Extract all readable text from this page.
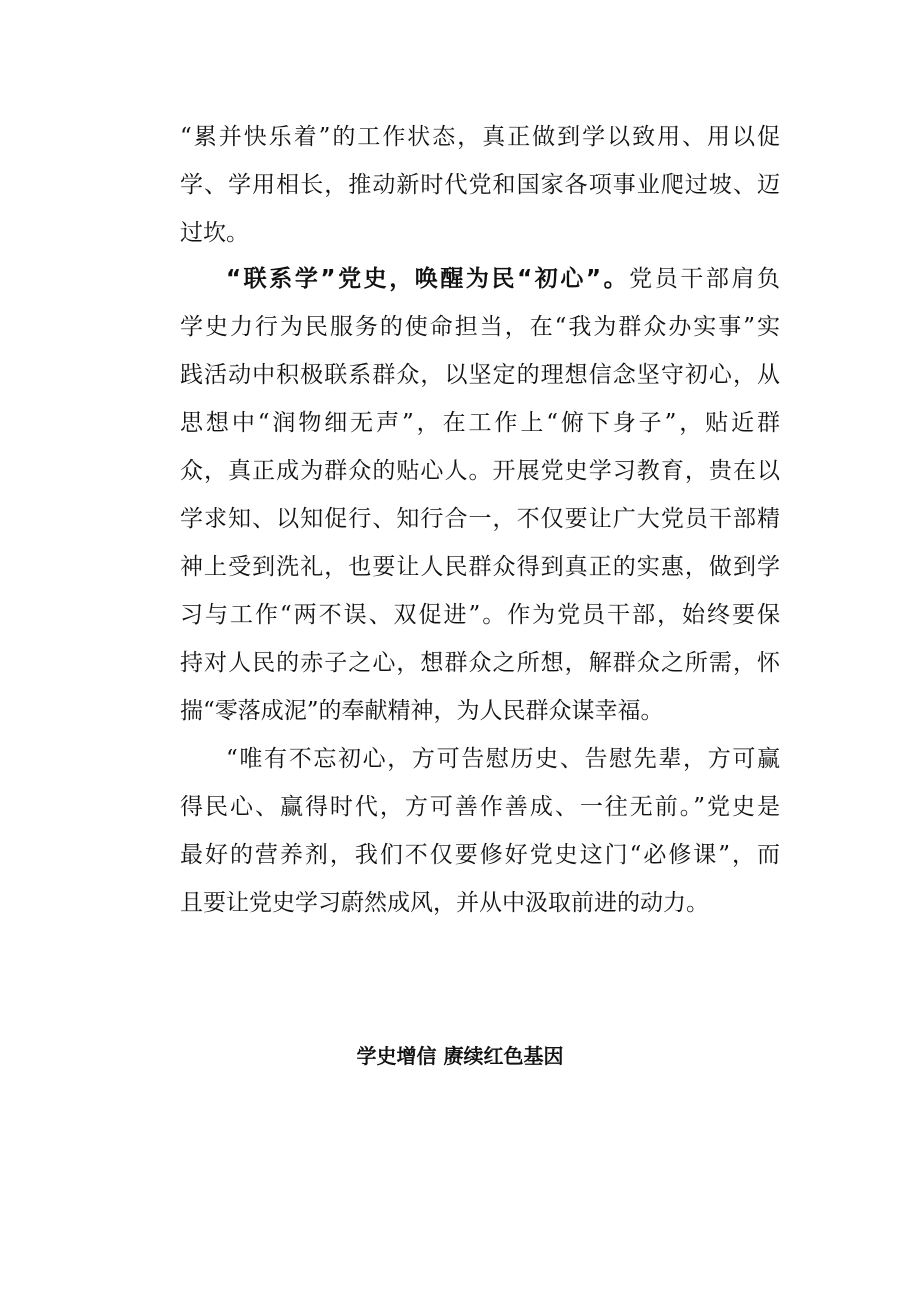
“累并快乐着”的工作状态，真正做到学以致用、用以促
学、学用相长，推动新时代党和国家各项事业爬过坡、迈
过坎。
“联系学”党史，唤醒为民“初心”。党员干部肩负
学史力行为民服务的使命担当，在“我为群众办实事”实
践活动中积极联系群众，以坚定的理想信念坚守初心，从
思想中“润物细无声”，在工作上“俯下身子”，贴近群
众，真正成为群众的贴心人。开展党史学习教育，贵在以
学求知、以知促行、知行合一，不仅要让广大党员干部精
神上受到洗礼，也要让人民群众得到真正的实惠，做到学
习与工作“两不误、双促进”。作为党员干部，始终要保
持对人民的赤子之心，想群众之所想，解群众之所需，怀
揣“零落成泥”的奉献精神，为人民群众谋幸福。
“唯有不忘初心，方可告慰历史、告慰先辈，方可赢
得民心、赢得时代，方可善作善成、一往无前。”党史是
最好的营养剂，我们不仅要修好党史这门“必修课”，而
且要让党史学习蔚然成风，并从中汲取前进的动力。
学史增信 赓续红色基因
